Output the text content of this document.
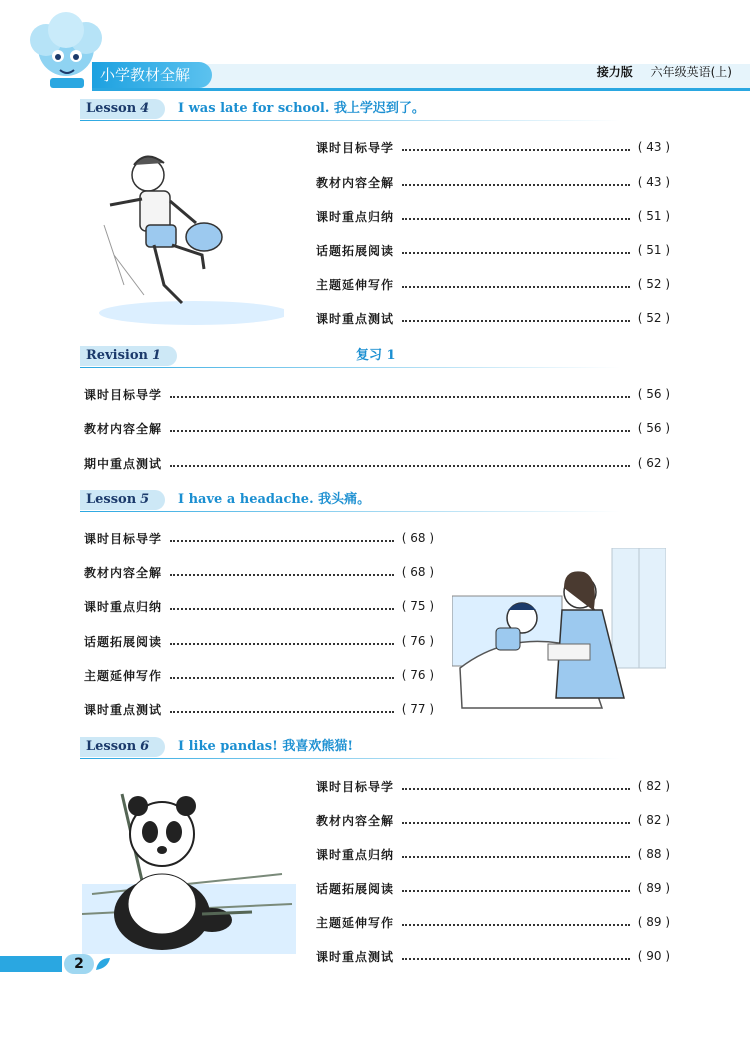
小学教材全解	接力版 六年级英语(上)
Lesson 4	I was late for school. 我上学迟到了。
课时目标导学	( 43 )
教材内容全解	( 43 )
课时重点归纳	( 51 )
话题拓展阅读	( 51 )
主题延伸写作	( 52 )
课时重点测试	( 52 )
Revision 1	复习 1
课时目标导学	( 56 )
教材内容全解	( 56 )
期中重点测试	( 62 )
Lesson 5	I have a headache. 我头痛。
课时目标导学	( 68 )
教材内容全解	( 68 )
课时重点归纳	( 75 )
话题拓展阅读	( 76 )
主题延伸写作	( 76 )
课时重点测试	( 77 )
Lesson 6	I like pandas! 我喜欢熊猫!
课时目标导学	( 82 )
教材内容全解	( 82 )
课时重点归纳	( 88 )
话题拓展阅读	( 89 )
主题延伸写作	( 89 )
课时重点测试	( 90 )
2
